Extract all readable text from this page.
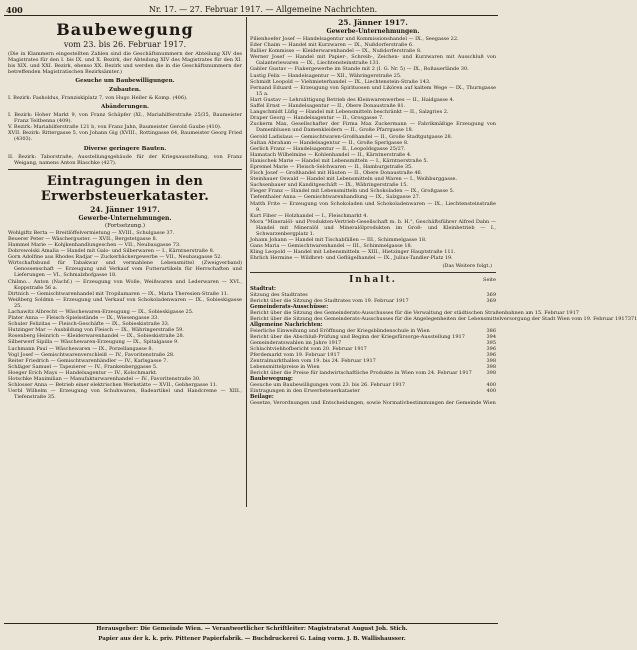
400	Nr. 17. — 27. Februar 1917. — Allgemeine Nachrichten.
Baubewegung
vom 23. bis 26. Februar 1917.
(Die in Klammern eingestellten Zahlen sind die Geschäftsnummern der Abteilung XIV des Magistrates für den I. bis IX. und X. Bezirk, der Abteilung XIV des Magistrates für den XI. bis XIX. und XXI. Bezirk, ebenso XX. Bezirk und werden die in die Geschäftsnummern der betreffenden Magistratischen Bezirksämter.)
Gesuche um Baubewilligungen.
Zubauten.
I. Bezirk: Fasholdus, Franziskiplatz 7, von Hugo Heller & Komp. (406).
Abänderungen.
I. Bezirk: Hoher Markt 9, von Franz Schäpfer (XI., Mariahilferstraße 25/35, Baumeister Franz Teitbenna (409).
V. Bezirk: Mariahilferstraße 121 b, von Franz Jahn, Baumeister Gerold Gaube (410).
XVII. Bezirk: Rittergasse 5, von Johann Gig (XVIII., Rottingasse 64, Baumeister Georg Fried (4303).
Diverse geringere Bauten.
II. Bezirk: Taborstraße, Ausstellungsgebäude für der Kriegsausstellung, von Franz Weigang, namens Anton Blaschke (427).
Eintragungen in den Erwerbsteuerkataster.
24. Jänner 1917.
Gewerbe-Unternehmungen.
(Fortsetzung.)
Wohlgiftz Berta — Breitlöffelvermietung — XVIII., Schulgasse 37.
Beuerer Peter — Wäscherguster. — XVII., Bergstetgasse 8.
Hammel Marie — Kohjkenhandlungeschen — VII., Neubaugasse 73.
Dobrowolski Amalia — Handel mit Galo- und Silberwaren — I., Kärntnerstraße 8.
Gorn Adolfine aus Rhodes Radjar — Zuckerbäckergewerbe — VII., Neubaugasse 52.
Wirtschaftsbund für Tabakwar und vermahlene Lebensmittel (Zweigverband) Genossenschaft — Erzeugung und Verkauf vom Futterartikeln für Herrschaften und Lieferungen — VI., Schmalzhofgasse 18.
Chilmo... Anton (Nachf.) — Erzeugung von Wolle, Weißwaren und Lederwaren — XVI., Koppstraße 56 a.
Dirtnich — Gemischtwarenhandel mit Tropilamaren — IX., Maria Theresien-Straße 11.
Weißberg Soldmn — Erzeugung und Verkauf von Schokoladenwaren — IX., Sobieskigasse 25.
Lachawitz Albrecht — Wäschewaren-Erzeugung — IX., Sobieskigasse 25.
Plater Anna — Fleisch-Spielsstände — IX., Wiesengasse 33.
Schuler Felizitas — Fleisch-Geschäfte — IX., Sobieskistraße 33.
Hutzinger Mar — Ausbildung von Fleisch — IX., Währingerstraße 59.
Rosenberg Heinrich — Kleiderwarenhandel — IX., Sobieskistraße 28.
Silberwerf Sipilla — Wäschewaren-Erzeugung — IX., Spitalgasse 9.
Luchmann Paul — Wäschewaren — IX., Porzellangasse 8.
Vogl Josef — Gemischtwarenverschleiß — IV., Favoritenstraße 28.
Reiter Friedrich — Gemischtwarenhändler — IV., Karlsgasse 7.
Schläger Samuel — Tapezierer — IV., Frankenberggasse 5.
Hoeger Erich Mays — Handelsagentur — IV., Kolschmarkt.
Hotschke Maximilian — Manufakturwarenhandel — IV., Favoritenstraße 30.
Schlosser Anna — Betrieb einer elektrischen Werkstätte — XVII., Gebhergasse 11.
Uerbl Wilhelm — Erzeugung von Schuhwaren, Badeartikel und Handcreme — XIII., Tiefenstraße 35.
25. Jänner 1917.
Gewerbe-Unternehmungen.
Pilienhoefer Josef — Handelsagentur und Kommissionshandel — IX., Seegasse 22.
Eder Chaim — Handel mit Kurzwaren — IX., Nußdorferstraße 6.
Ballier Kommisse — Kleiderwarenhandel — IX., Nußdorferstraße 8.
Werner Josef — Handel mit Papier-, Schreib-, Zeichen- und Kurzwaren mit Ausschluß von Galanteriewaren — IX., Liechtensteinstraße 131.
Gabler Gustav — Fiakergewerbe im Stande mit 2 (I. G. Nr. 5) — IX., Roßauerlände 30.
Lustig Felix — Handelsagentur — XII., Währingerstraße 25.
Schmidt Leopold — Viehmieterhandel — IX., Liechtenstein-Straße 143.
Fernand Eduard — Erzeugung von Spirituosen und Likören auf kaltem Wege — IX., Thurngasse 15 a.
Hart Gustav — Lehrsättigung Betrieb des Kleinwarenwerbes — II., Haidgasse 4.
Saffel Ernst — Handelsagentur — II., Obere Donaustraße 81.
Langschmidt Lüfig — Handel mit Lebensmitteln beschränkt — II., Salzgries 2.
Draper Georg — Handelsagentur — II., Grosgasse 7.
Zuckerm Max, Gesellschafter der Firma Max Zuckermann — Fabrikmäßige Erzeugung von Damenblusen und Damenkleidern — II., Große Pfarrgasse 18.
Gerold Ladislaus — Gemischtwaren-Großhandel — II., Große Stadtgutgasse 28.
Sultan Abraham — Handelsagentur — II., Große Sperlgasse 8.
Gerlich Franz — Handelsagentur — II., Leopoldsgasse 25/27.
Hamatach Wilhelmine — Kohlenhandel — II., Kärntnerstraße 4.
Hanischek Marie — Handel mit Lebensmitteln — I., Kärntnerstraße 5.
Epremel Marie — Fleisch-Selchwaren — II., Hamburgstraße 35.
Fisch Josef — Großhandel mit Häuten — II., Obere Donaustraße 46.
Steinhauer Oswald — Handel mit Lebensmitteln und Waren — I., Weihburggasse.
Sachsenbauer und Kanditgeschäft — IX., Währingerstraße 15.
Fieger Franz — Handel mit Lebensmitteln und Schokoladen — IX., Großgasse 5.
Tiefenthaler Anna — Gemischtwarenhandlung — IX., Salzgasse 27.
Matth Frite — Erzeugung von Schokoladen und Schokoladenwaren — IX., Liechtensteinstraße 9.
Kurt Fiber — Holzhandel — I., Fleischmarkt 4.
Mora "Mineralöl- und Produkten-Vertrieb-Gesellschaft m. b. H.", Geschäftsführer Alfred Dahn — Handel mit Mineralöl und Mineralölprodukten im Groß- und Kleinbetrieb — I., Schwarzenbergplatz 1.
Johann Johann — Handel mit Tischabfällen — III., Schimmelgasse 18.
Gans Maria — Gemischtwarenhandel — III., Schimmelgasse 18.
Kling Leopold — Handel mit Lebensmitteln — XIII., Hietzinger Hauptstraße 111.
Ehrlich Hermine — Wildbret- und Geflügelhandel — IX., Julius-Tandler-Platz 19.
(Das Weitere folgt.)
Inhalt.	Seite
Stadtrat:
Sitzung des Stadtrates	369
Bericht über die Sitzung des Stadtrates vom 19. Februar 1917	369
Gemeinderats-Ausschüsse:
Bericht über die Sitzung des Gemeinderats-Ausschusses für die Verwaltung der städtischen Straßenbahnen am 15. Februar 1917
Bericht über die Sitzung des Gemeinderats-Ausschusses für die Angelegenheiten der Lebensmittelversorgung der Stadt Wien vom 19. Februar 1917 371
Allgemeine Nachrichten:
Feierliche Einweihung und Eröffnung der Kriegsblindenschule in Wien	386
Bericht über die Abschluß-Prüfung und Beginn der Kriegsfürsorge-Ausstellung 1917	394
Gemeinderatswahlen im Jahre 1917	395
Schlachtviehhofbericht vom 20. Februar 1917	396
Pferdemarkt vom 19. Februar 1917	396
Zentralmarkthallen vom 19. bis 24. Februar 1917	398
Lebensmittelpreise in Wien	398
Bericht über die Preise für landwirtschaftliche Produkte in Wien vom 24. Februar 1917	398
Baubewegung:
Gesuche um Baubewilligungen vom 23. bis 26. Februar 1917	400
Eintragungen in den Erwerbsteuerkataster	400
Beilage:
Gesetze, Verordnungen und Entscheidungen, sowie Normativbestimmungen der Gemeinde Wien
Herausgeber: Die Gemeinde Wien. — Verantwortlicher Schriftleiter: Magistratsrat August Joh. Stich.
Papier aus der k. k. priv. Pittener Papierfabrik. — Buchdruckerei G. Laing vorm. J. B. Wallishausser.
